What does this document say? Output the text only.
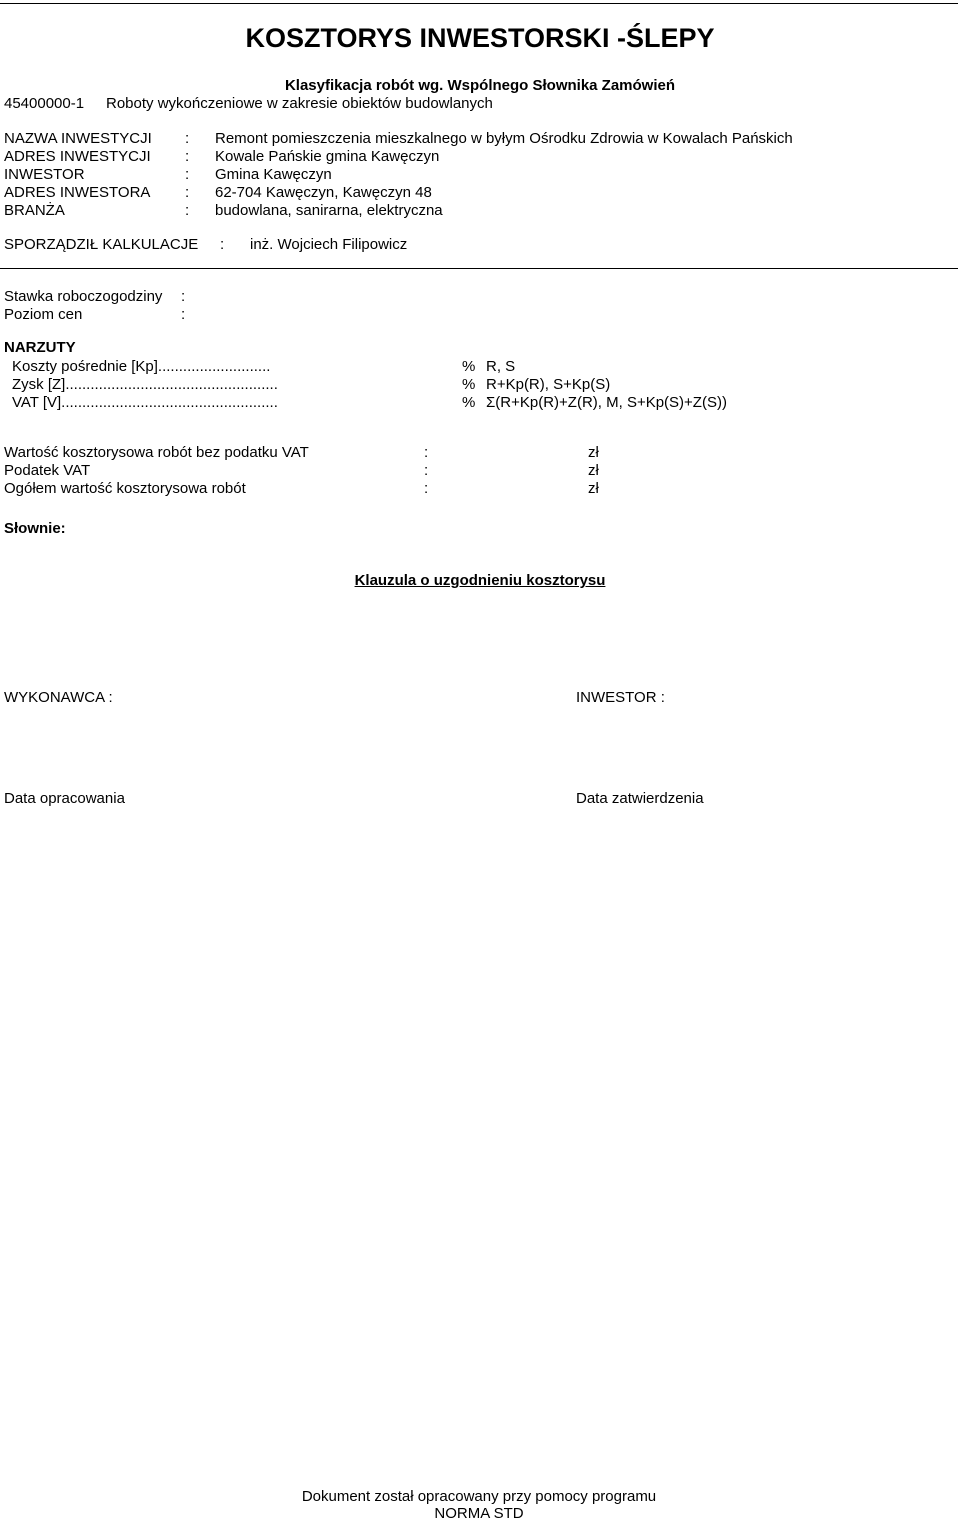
KOSZTORYS INWESTORSKI -ŚLEPY
Klasyfikacja robót wg. Wspólnego Słownika Zamówień
45400000-1 Roboty wykończeniowe w zakresie obiektów budowlanych
NAZWA INWESTYCJI : Remont pomieszczenia mieszkalnego w byłym Ośrodku Zdrowia w Kowalach Pańskich
ADRES INWESTYCJI : Kowale Pańskie gmina Kawęczyn
INWESTOR	: Gmina Kawęczyn
ADRES INWESTORA : 62-704 Kawęczyn, Kawęczyn 48
BRANŻA	: budowlana, sanirarna, elektryczna
SPORZĄDZIŁ KALKULACJE : inż. Wojciech Filipowicz
Stawka roboczogodziny :
Poziom cen	:
NARZUTY
Koszty pośrednie [Kp]...........................	% R, S
Zysk [Z]...................................................	% R+Kp(R), S+Kp(S)
VAT [V]....................................................	% Σ(R+Kp(R)+Z(R), M, S+Kp(S)+Z(S))
Wartość kosztorysowa robót bez podatku VAT	:	zł
Podatek VAT	:	zł
Ogółem wartość kosztorysowa robót	:	zł
Słownie:
Klauzula o uzgodnieniu kosztorysu
WYKONAWCA :	INWESTOR :
Data opracowania	Data zatwierdzenia
Dokument został opracowany przy pomocy programu
NORMA STD
